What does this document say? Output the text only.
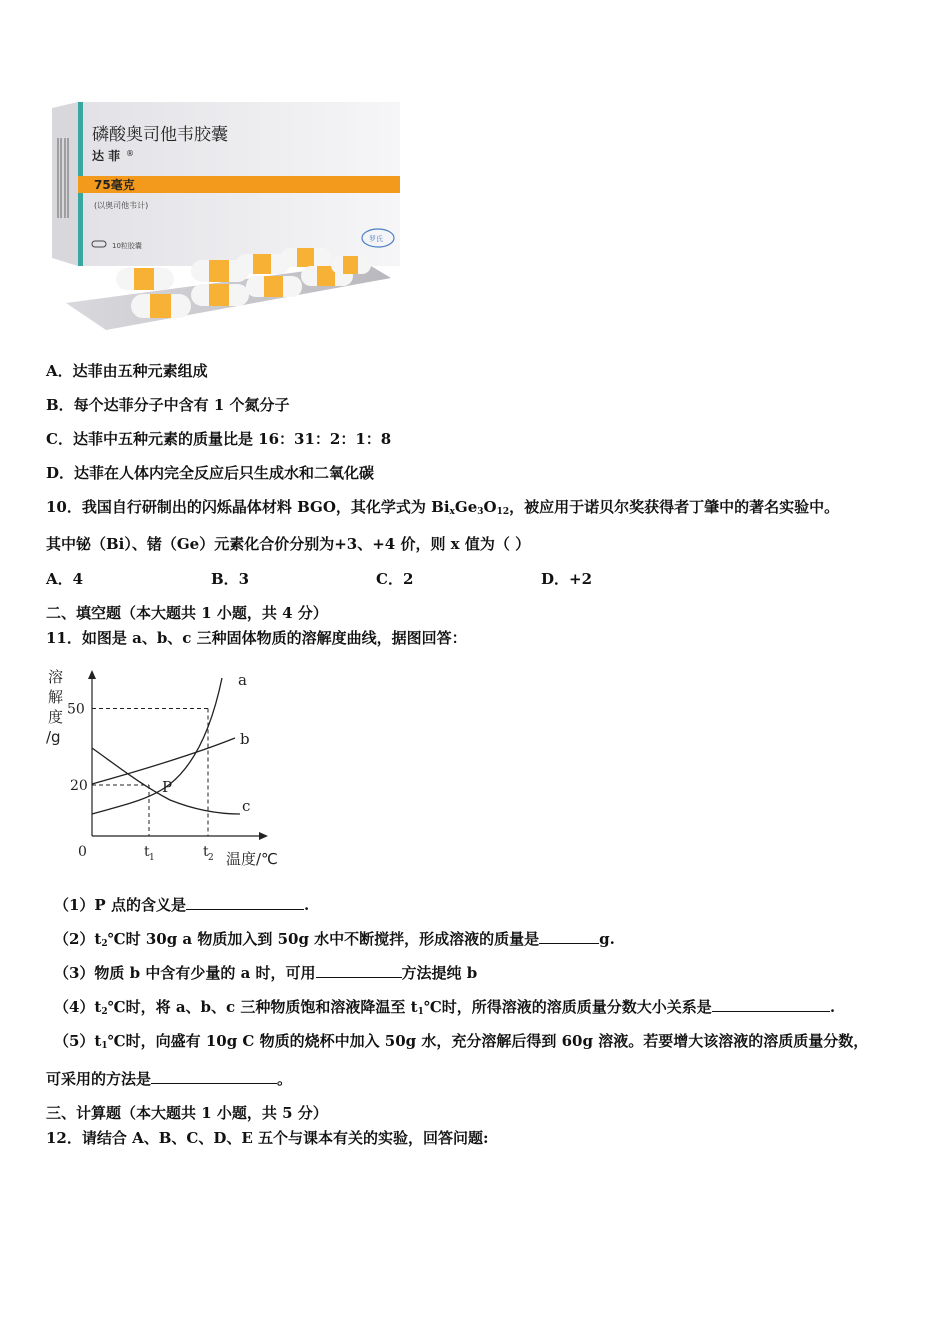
磷酸奥司他韦胶囊
达 菲 ®
75毫克
(以奥司他韦计)
10粒胶囊
罗氏
A．达菲由五种元素组成
B．每个达菲分子中含有 1 个氮分子
C．达菲中五种元素的质量比是 16：31：2：1：8
D．达菲在人体内完全反应后只生成水和二氧化碳
10．我国自行研制出的闪烁晶体材料 BGO，其化学式为 $Bi_xGe_3O_{12}$，被应用于诺贝尔奖获得者丁肇中的著名实验中。
其中铋（Bi）、锗（Ge）元素化合价分别为+3、+4 价，则 x 值为（ ）
A．4	B．3	C．2	D．+2
二、填空题（本大题共 1 小题，共 4 分）
11．如图是 a、b、c 三种固体物质的溶解度曲线，据图回答：
溶
解
度
/g
温度/℃
0
50
20
t 1	t 2
a
b
c
P
（1）P 点的含义是	.
$(2)t_2℃$时 30g a 物质加入到 50g 水中不断搅拌，形成溶液的质量是	g.
（3）物质 b 中含有少量的 a 时，可用	方法提纯 b
$(4)t_2℃$时，将 a、b、c 三种物质饱和溶液降温至 $t_1℃$时，所得溶液的溶质质量分数大小关系是	.
$(5)t_1℃$时，向盛有 10g C 物质的烧杯中加入 50g 水，充分溶解后得到 60g 溶液。若要增大该溶液的溶质质量分数，
可采用的方法是	。
三、计算题（本大题共 1 小题，共 5 分）
12．请结合 A、B、C、D、E 五个与课本有关的实验，回答问题:
